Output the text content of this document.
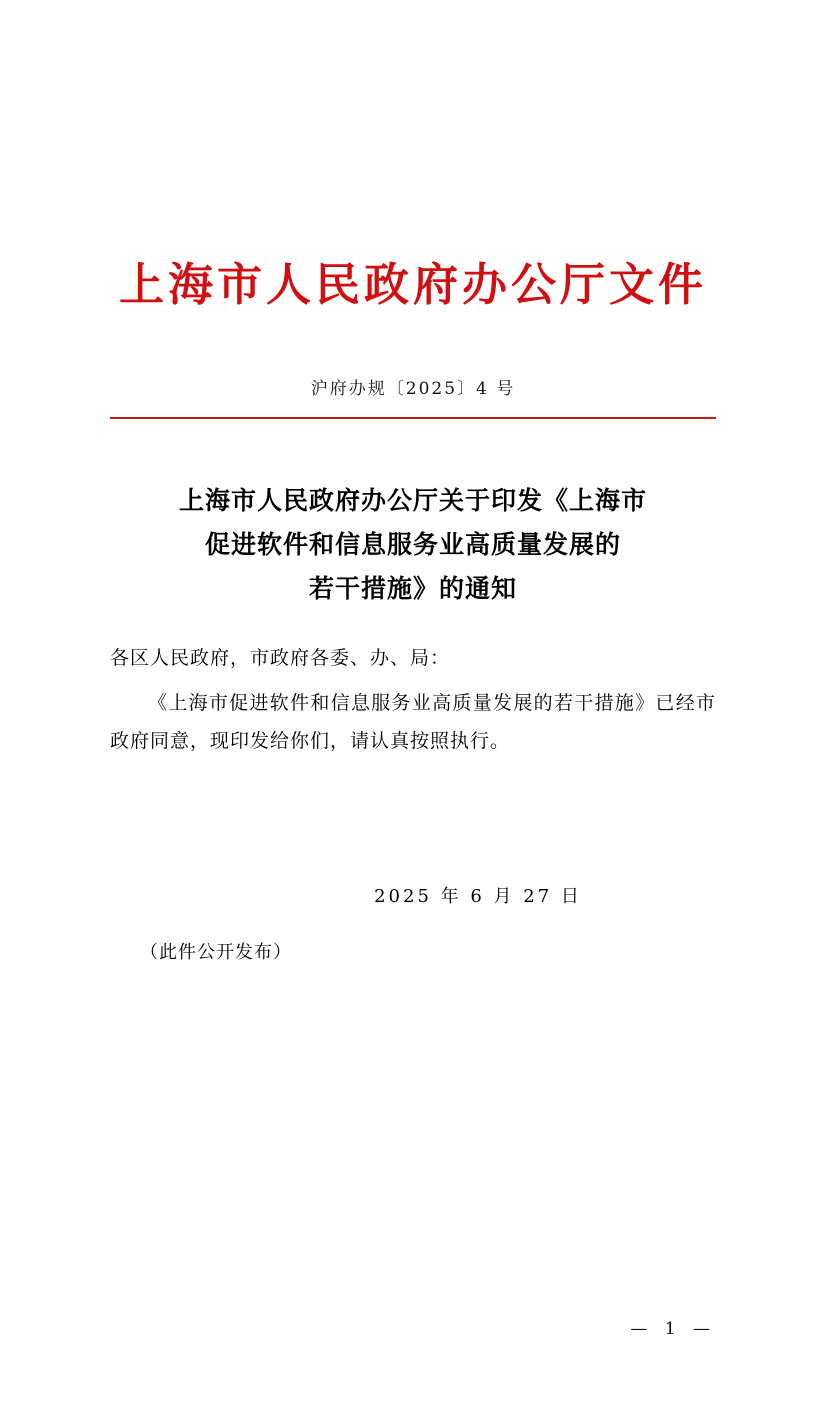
上海市人民政府办公厅文件
沪府办规〔2025〕4 号
上海市人民政府办公厅关于印发《上海市
促进软件和信息服务业高质量发展的
若干措施》的通知
各区人民政府，市政府各委、办、局：
《上海市促进软件和信息服务业高质量发展的若干措施》已经市政府同意，现印发给你们，请认真按照执行。
2025 年 6 月 27 日
（此件公开发布）
— 1 —
